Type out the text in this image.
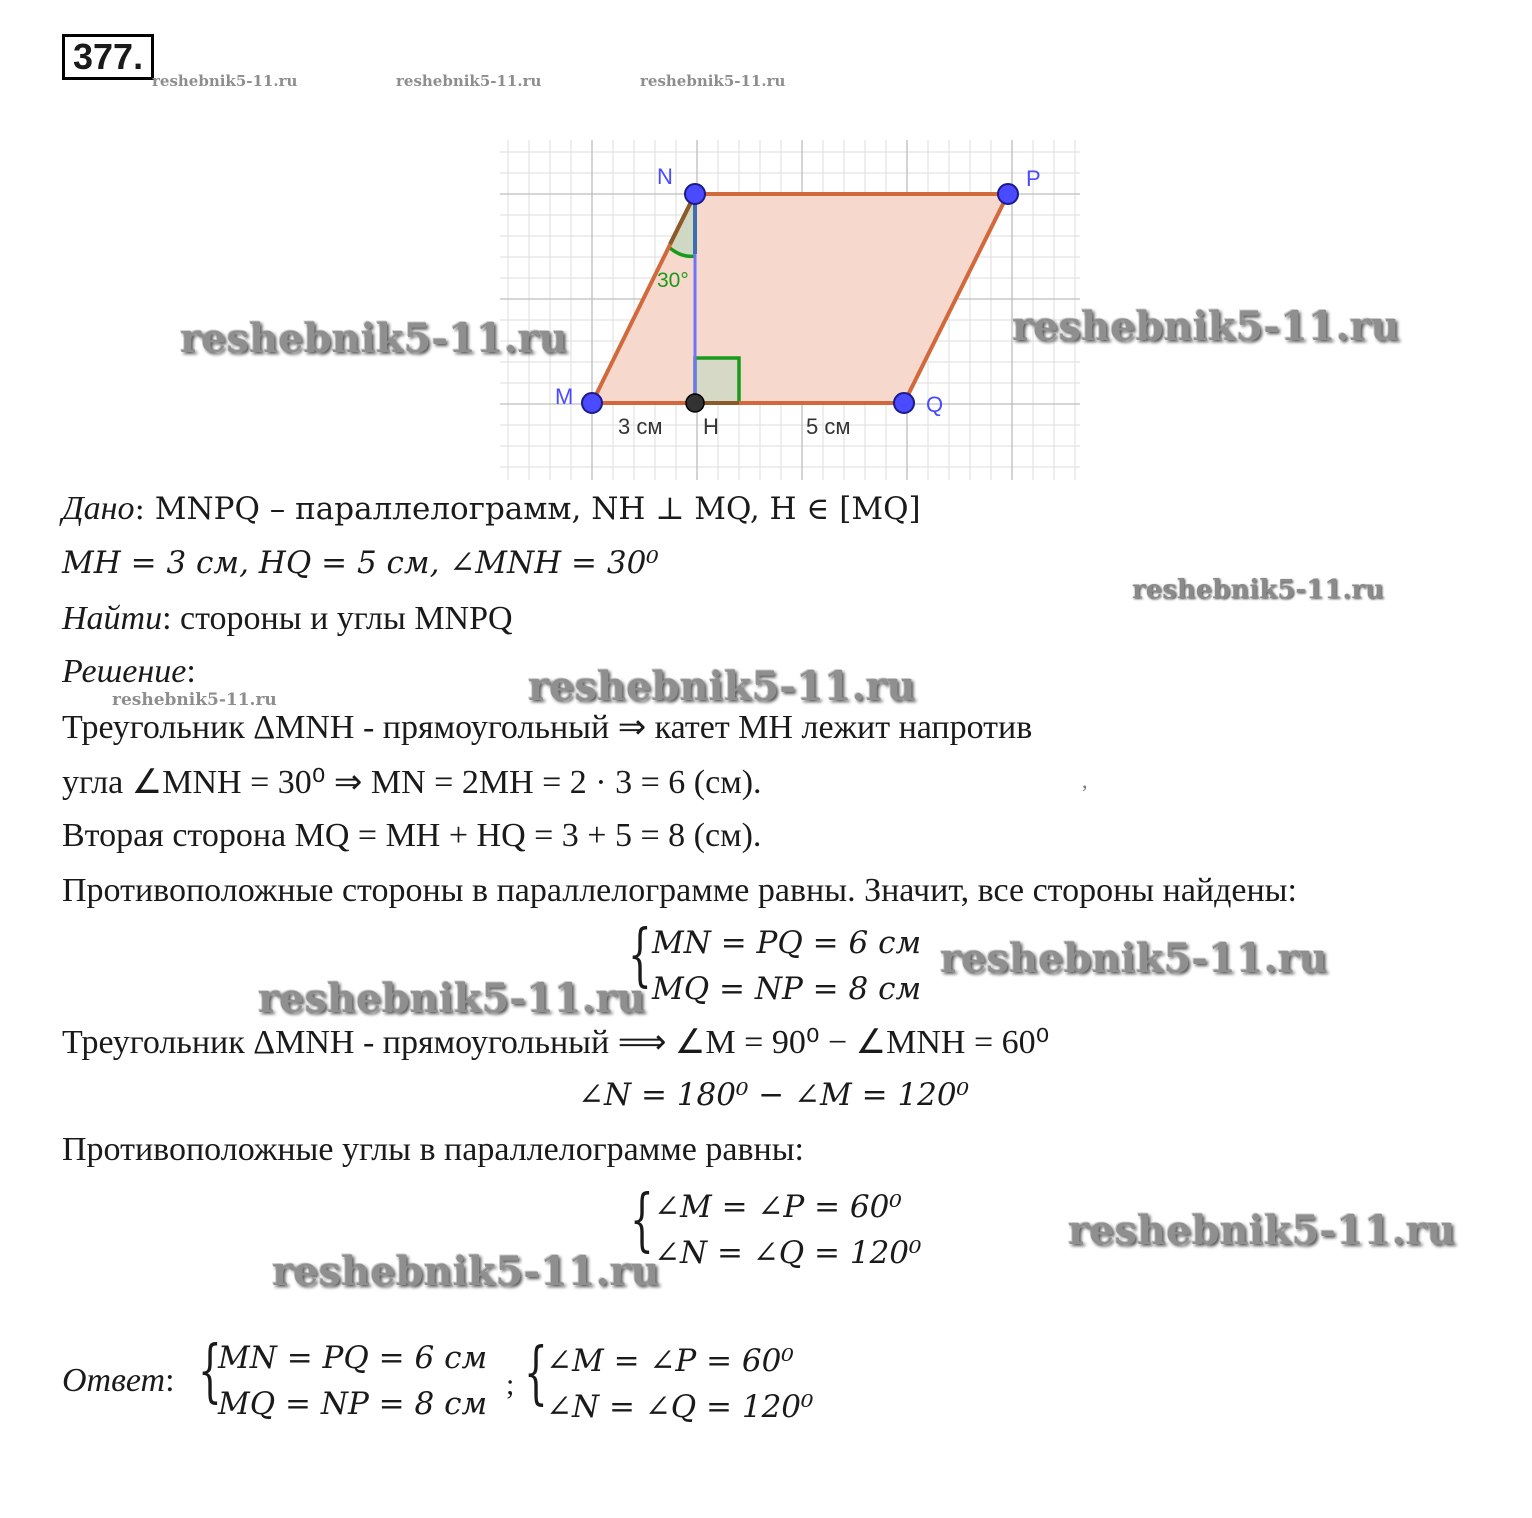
377.
reshebnik5-11.ru	reshebnik5-11.ru	reshebnik5-11.ru
N	P
M	Q
H
30°
3 см	5 см
reshebnik5-11.ru	reshebnik5-11.ru
Дано: MNPQ – параллелограмм, NH ⊥ MQ, H ∈ [MQ]
MH = 3 см, HQ = 5 см, ∠MNH = 30⁰
reshebnik5-11.ru
Найти: стороны и углы MNPQ
Решение:
reshebnik5-11.ru	reshebnik5-11.ru
Треугольник ΔMNH - прямоугольный ⇒ катет MH лежит напротив
угла ∠MNH = 30⁰ ⇒ MN = 2MH = 2 · 3 = 6 (см).	,
Вторая сторона MQ = MH + HQ = 3 + 5 = 8 (см).
Противоположные стороны в параллелограмме равны. Значит, все стороны найдены:
{ MN = PQ = 6 см
MQ = NP = 8 см
reshebnik5-11.ru
reshebnik5-11.ru
Треугольник ΔMNH - прямоугольный ⟹ ∠M = 90⁰ − ∠MNH = 60⁰
∠N = 180⁰ − ∠M = 120⁰
Противоположные углы в параллелограмме равны:
{ ∠M = ∠P = 60⁰
∠N = ∠Q = 120⁰	reshebnik5-11.ru
reshebnik5-11.ru
Ответ: {
MN = PQ = 6 см
MQ = NP = 8 см
; {
∠M = ∠P = 60⁰
∠N = ∠Q = 120⁰
